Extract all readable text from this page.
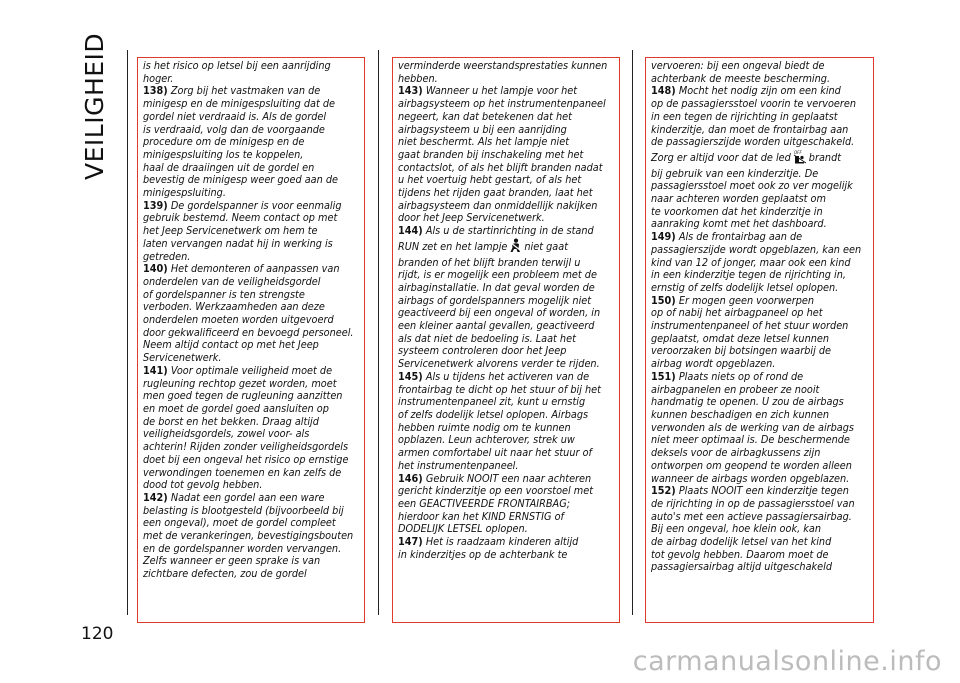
VEILIGHEID	is het risico op letsel bij een aanrijding
hoger.
138) Zorg bij het vastmaken van de
minigesp en de minigespsluiting dat de
gordel niet verdraaid is. Als de gordel
is verdraaid, volg dan de voorgaande
procedure om de minigesp en de
minigespsluiting los te koppelen,
haal de draaiingen uit de gordel en
bevestig de minigesp weer goed aan de
minigespsluiting.
139) De gordelspanner is voor eenmalig
gebruik bestemd. Neem contact op met
het Jeep Servicenetwerk om hem te
laten vervangen nadat hij in werking is
getreden.
140) Het demonteren of aanpassen van
onderdelen van de veiligheidsgordel
of gordelspanner is ten strengste
verboden. Werkzaamheden aan deze
onderdelen moeten worden uitgevoerd
door gekwalificeerd en bevoegd personeel.
Neem altijd contact op met het Jeep
Servicenetwerk.
141) Voor optimale veiligheid moet de
rugleuning rechtop gezet worden, moet
men goed tegen de rugleuning aanzitten
en moet de gordel goed aansluiten op
de borst en het bekken. Draag altijd
veiligheidsgordels, zowel voor- als
achterin! Rijden zonder veiligheidsgordels
doet bij een ongeval het risico op ernstige
verwondingen toenemen en kan zelfs de
dood tot gevolg hebben.
142) Nadat een gordel aan een ware
belasting is blootgesteld (bijvoorbeeld bij
een ongeval), moet de gordel compleet
met de verankeringen, bevestigingsbouten
en de gordelspanner worden vervangen.
Zelfs wanneer er geen sprake is van
zichtbare defecten, zou de gordel
verminderde weerstandsprestaties kunnen
hebben.
143) Wanneer u het lampje voor het
airbagsysteem op het instrumentenpaneel
negeert, kan dat betekenen dat het
airbagsysteem u bij een aanrijding
niet beschermt. Als het lampje niet
gaat branden bij inschakeling met het
contactslot, of als het blijft branden nadat
u het voertuig hebt gestart, of als het
tijdens het rijden gaat branden, laat het
airbagsysteem dan onmiddellijk nakijken
door het Jeep Servicenetwerk.
144) Als u de startinrichting in de stand
RUN zet en het lampje niet gaat
branden of het blijft branden terwijl u
rijdt, is er mogelijk een probleem met de
airbaginstallatie. In dat geval worden de
airbags of gordelspanners mogelijk niet
geactiveerd bij een ongeval of worden, in
een kleiner aantal gevallen, geactiveerd
als dat niet de bedoeling is. Laat het
systeem controleren door het Jeep
Servicenetwerk alvorens verder te rijden.
145) Als u tijdens het activeren van de
frontairbag te dicht op het stuur of bij het
instrumentenpaneel zit, kunt u ernstig
of zelfs dodelijk letsel oplopen. Airbags
hebben ruimte nodig om te kunnen
opblazen. Leun achterover, strek uw
armen comfortabel uit naar het stuur of
het instrumentenpaneel.
146) Gebruik NOOIT een naar achteren
gericht kinderzitje op een voorstoel met
een GEACTIVEERDE FRONTAIRBAG;
hierdoor kan het KIND ERNSTIG of
DODELIJK LETSEL oplopen.
147) Het is raadzaam kinderen altijd
in kinderzitjes op de achterbank te
vervoeren: bij een ongeval biedt de
achterbank de meeste bescherming.
148) Mocht het nodig zijn om een kind
op de passagiersstoel voorin te vervoeren
in een tegen de rijrichting in geplaatst
kinderzitje, dan moet de frontairbag aan
de passagierszijde worden uitgeschakeld.
Zorg er altijd voor dat de led OFF brandt
bij gebruik van een kinderzitje. De
passagiersstoel moet ook zo ver mogelijk
naar achteren worden geplaatst om
te voorkomen dat het kinderzitje in
aanraking komt met het dashboard.
149) Als de frontairbag aan de
passagierszijde wordt opgeblazen, kan een
kind van 12 of jonger, maar ook een kind
in een kinderzitje tegen de rijrichting in,
ernstig of zelfs dodelijk letsel oplopen.
150) Er mogen geen voorwerpen
op of nabij het airbagpaneel op het
instrumentenpaneel of het stuur worden
geplaatst, omdat deze letsel kunnen
veroorzaken bij botsingen waarbij de
airbag wordt opgeblazen.
151) Plaats niets op of rond de
airbagpanelen en probeer ze nooit
handmatig te openen. U zou de airbags
kunnen beschadigen en zich kunnen
verwonden als de werking van de airbags
niet meer optimaal is. De beschermende
deksels voor de airbagkussens zijn
ontworpen om geopend te worden alleen
wanneer de airbags worden opgeblazen.
152) Plaats NOOIT een kinderzitje tegen
de rijrichting in op de passagiersstoel van
auto's met een actieve passagiersairbag.
Bij een ongeval, hoe klein ook, kan
de airbag dodelijk letsel van het kind
tot gevolg hebben. Daarom moet de
passagiersairbag altijd uitgeschakeld
120
carmanualsonline.info
